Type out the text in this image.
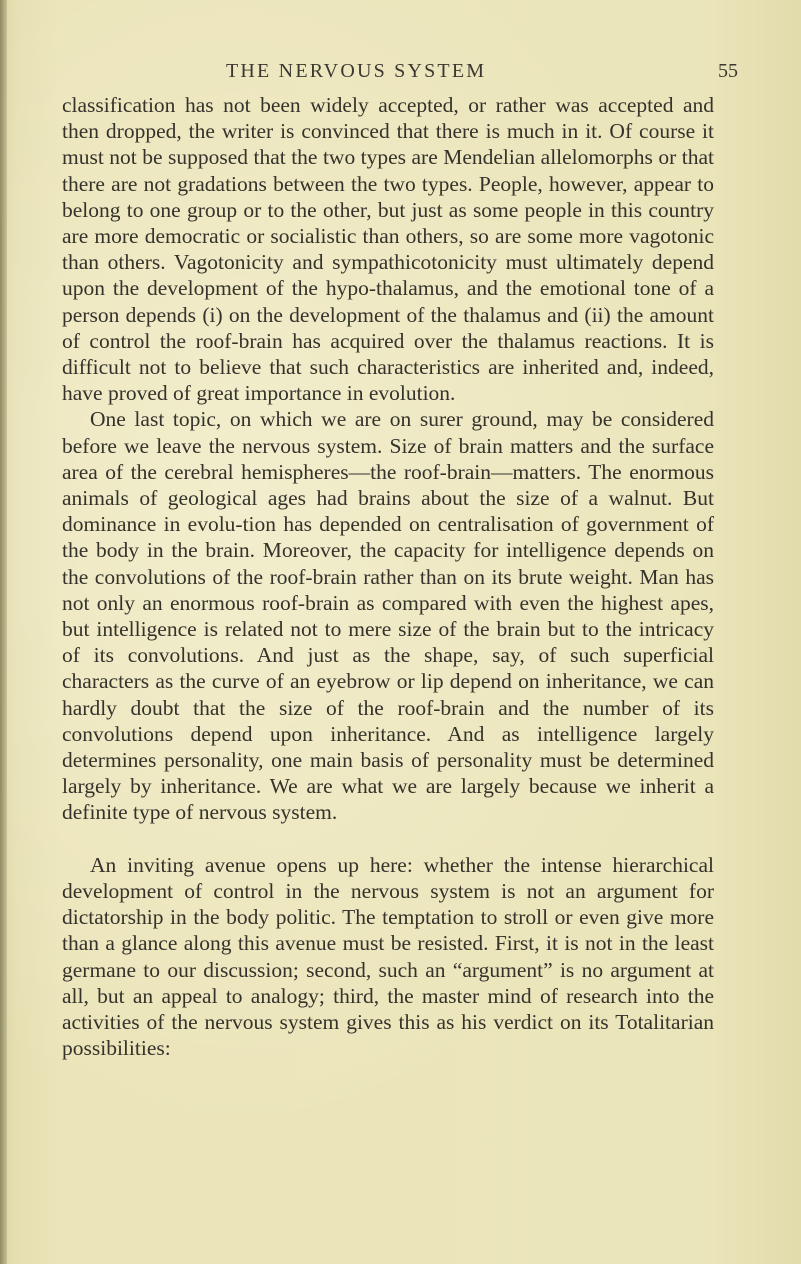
THE NERVOUS SYSTEM	55

classification has not been widely accepted, or rather was accepted and then dropped, the writer is convinced that there is much in it. Of course it must not be supposed that the two types are Mendelian allelomorphs or that there are not gradations between the two types. People, however, appear to belong to one group or to the other, but just as some people in this country are more democratic or socialistic than others, so are some more vagotonic than others. Vagotonicity and sympathicotonicity must ultimately depend upon the development of the hypo-thalamus, and the emotional tone of a person depends (i) on the development of the thalamus and (ii) the amount of control the roof-brain has acquired over the thalamus reactions. It is difficult not to believe that such characteristics are inherited and, indeed, have proved of great importance in evolution.

One last topic, on which we are on surer ground, may be considered before we leave the nervous system. Size of brain matters and the surface area of the cerebral hemispheres—the roof-brain—matters. The enormous animals of geological ages had brains about the size of a walnut. But dominance in evolu-tion has depended on centralisation of government of the body in the brain. Moreover, the capacity for intelligence depends on the convolutions of the roof-brain rather than on its brute weight. Man has not only an enormous roof-brain as compared with even the highest apes, but intelligence is related not to mere size of the brain but to the intricacy of its convolutions. And just as the shape, say, of such superficial characters as the curve of an eyebrow or lip depend on inheritance, we can hardly doubt that the size of the roof-brain and the number of its convolutions depend upon inheritance. And as intelligence largely determines personality, one main basis of personality must be determined largely by inheritance. We are what we are largely because we inherit a definite type of nervous system.

An inviting avenue opens up here: whether the intense hierarchical development of control in the nervous system is not an argument for dictatorship in the body politic. The temptation to stroll or even give more than a glance along this avenue must be resisted. First, it is not in the least germane to our discussion; second, such an “argument” is no argument at all, but an appeal to analogy; third, the master mind of research into the activities of the nervous system gives this as his verdict on its Totalitarian possibilities:
